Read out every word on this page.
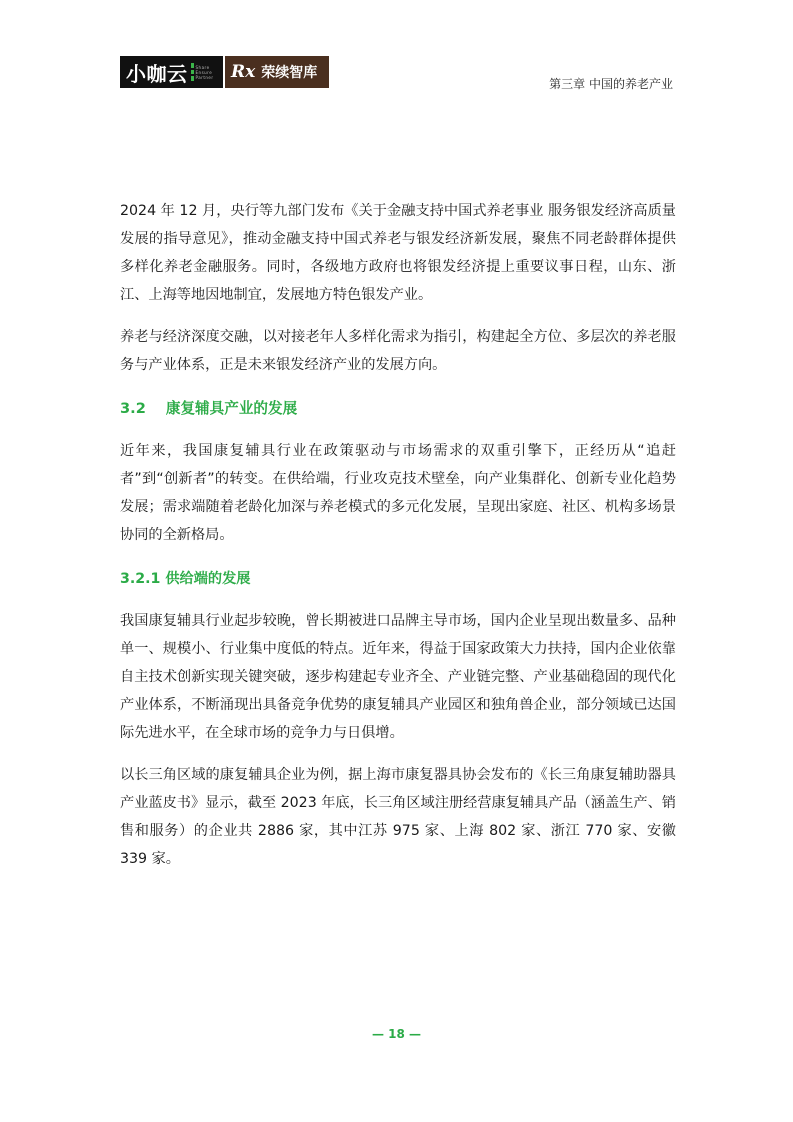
小咖云 Share
Ensure
Partner Rx 荣续智库
第三章 中国的养老产业

2024 年 12 月，央行等九部门发布《关于金融支持中国式养老事业 服务银发经济高质量发展的指导意见》，推动金融支持中国式养老与银发经济新发展，聚焦不同老龄群体提供多样化养老金融服务。同时，各级地方政府也将银发经济提上重要议事日程，山东、浙江、上海等地因地制宜，发展地方特色银发产业。

养老与经济深度交融，以对接老年人多样化需求为指引，构建起全方位、多层次的养老服务与产业体系，正是未来银发经济产业的发展方向。

3.2 康复辅具产业的发展

近年来，我国康复辅具行业在政策驱动与市场需求的双重引擎下，正经历从“追赶者”到“创新者”的转变。在供给端，行业攻克技术壁垒，向产业集群化、创新专业化趋势发展；需求端随着老龄化加深与养老模式的多元化发展，呈现出家庭、社区、机构多场景协同的全新格局。

3.2.1 供给端的发展

我国康复辅具行业起步较晚，曾长期被进口品牌主导市场，国内企业呈现出数量多、品种单一、规模小、行业集中度低的特点。近年来，得益于国家政策大力扶持，国内企业依靠自主技术创新实现关键突破，逐步构建起专业齐全、产业链完整、产业基础稳固的现代化产业体系，不断涌现出具备竞争优势的康复辅具产业园区和独角兽企业，部分领域已达国际先进水平，在全球市场的竞争力与日俱增。

以长三角区域的康复辅具企业为例，据上海市康复器具协会发布的《长三角康复辅助器具产业蓝皮书》显示，截至 2023 年底，长三角区域注册经营康复辅具产品（涵盖生产、销售和服务）的企业共 2886 家，其中江苏 975 家、上海 802 家、浙江 770 家、安徽 339 家。

— 18 —
